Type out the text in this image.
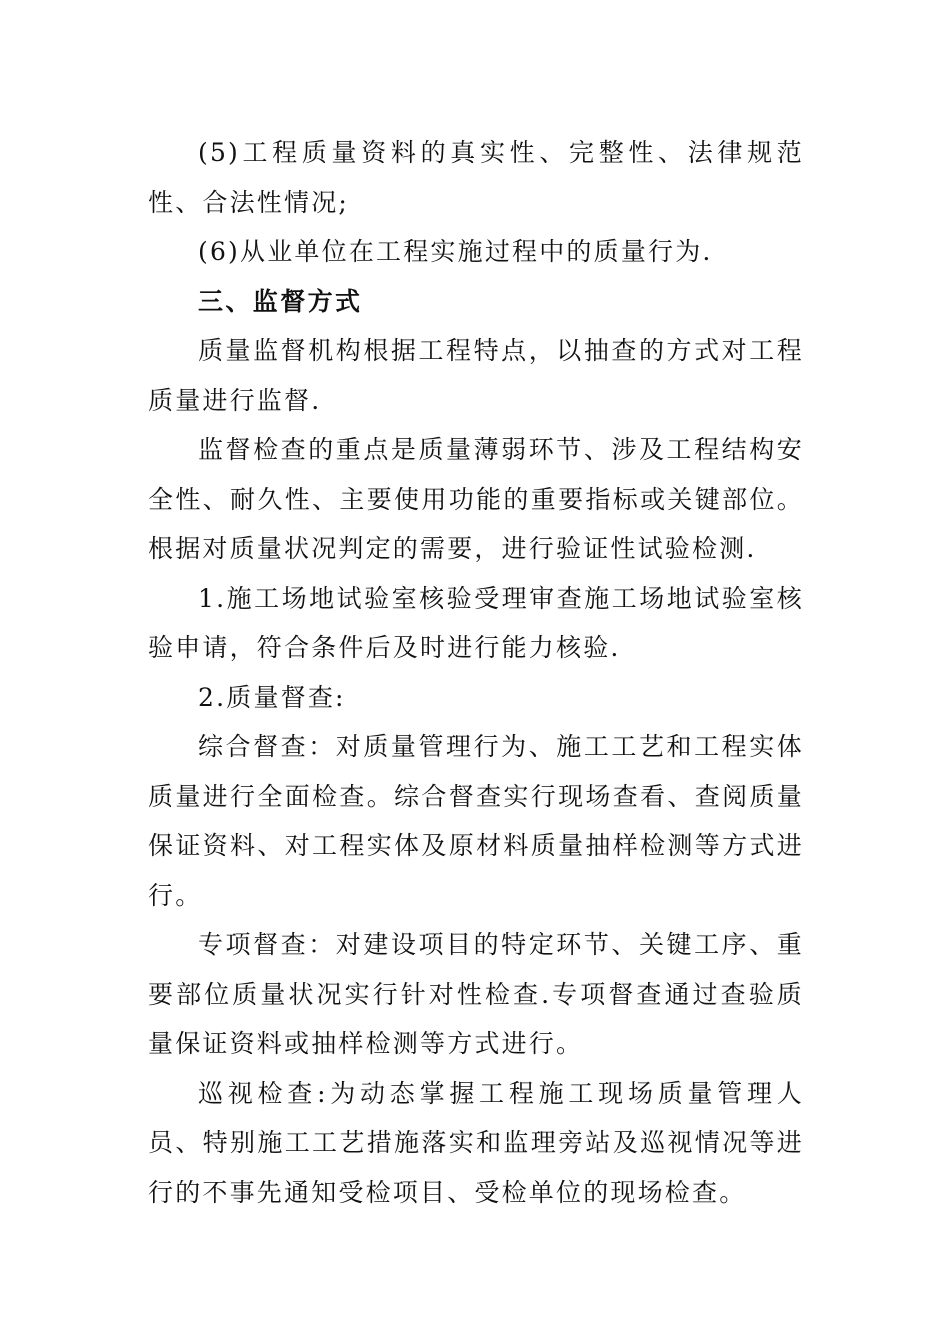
(5)工程质量资料的真实性、完整性、法律规范性、合法性情况;

(6)从业单位在工程实施过程中的质量行为.

三、监督方式

质量监督机构根据工程特点，以抽查的方式对工程质量进行监督.

监督检查的重点是质量薄弱环节、涉及工程结构安全性、耐久性、主要使用功能的重要指标或关键部位。根据对质量状况判定的需要，进行验证性试验检测.

1.施工场地试验室核验受理审查施工场地试验室核验申请，符合条件后及时进行能力核验.

2.质量督查:

综合督查：对质量管理行为、施工工艺和工程实体质量进行全面检查。综合督查实行现场查看、查阅质量保证资料、对工程实体及原材料质量抽样检测等方式进行。

专项督查：对建设项目的特定环节、关键工序、重要部位质量状况实行针对性检查.专项督查通过查验质量保证资料或抽样检测等方式进行。

巡视检查:为动态掌握工程施工现场质量管理人员、特别施工工艺措施落实和监理旁站及巡视情况等进行的不事先通知受检项目、受检单位的现场检查。
